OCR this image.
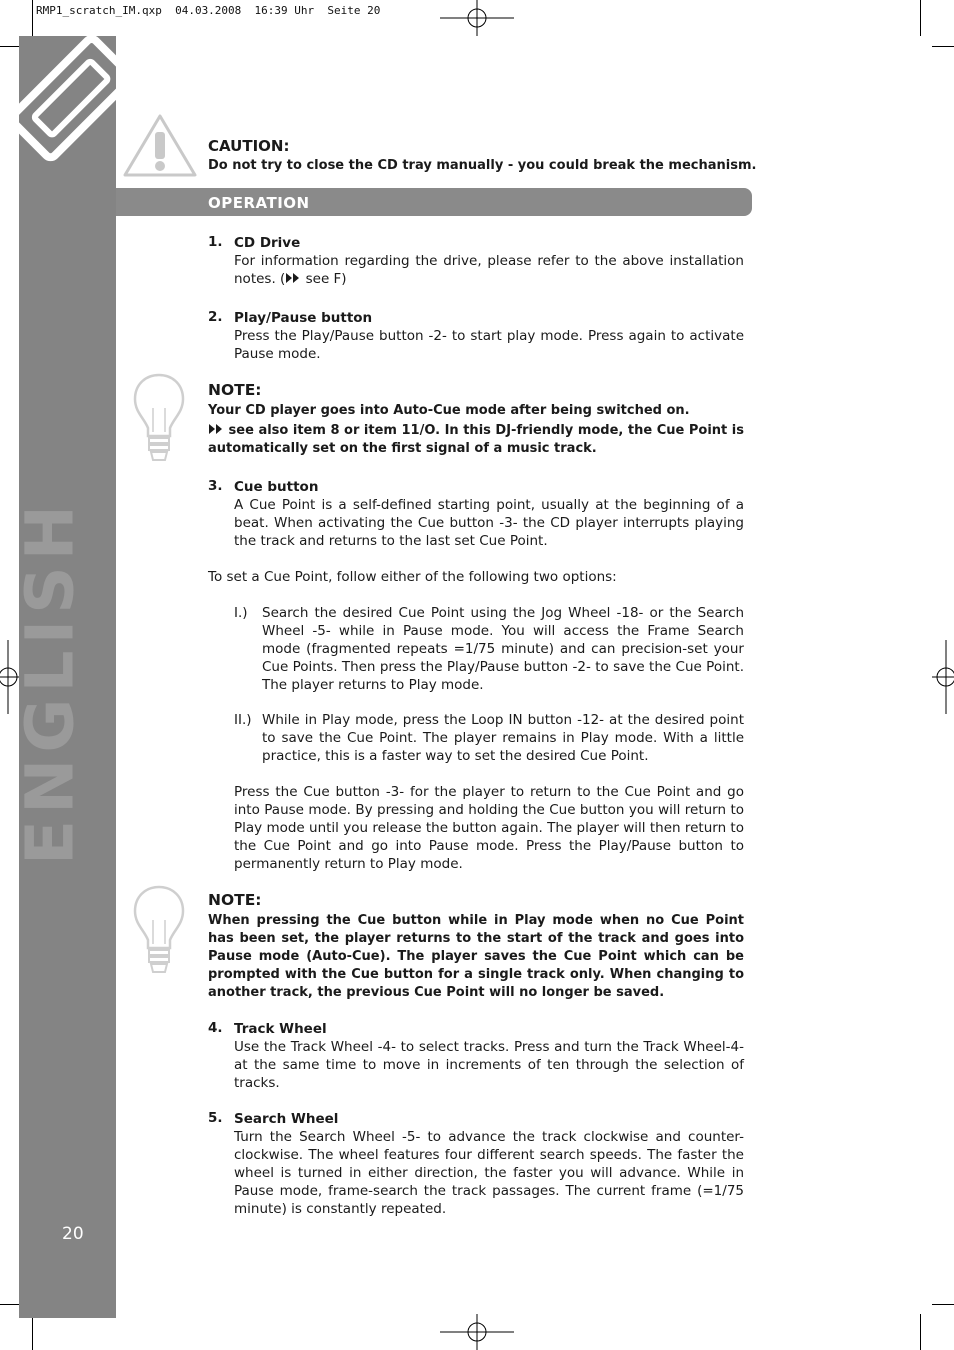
RMP1_scratch_IM.qxp  04.03.2008  16:39 Uhr  Seite 20
ENGLISH
20
CAUTION:
Do not try to close the CD tray manually - you could break the mechanism.
OPERATION
1. CD Drive
For information regarding the drive, please refer to the above installation notes. ( see F)
2. Play/Pause button
Press the Play/Pause button -2- to start play mode. Press again to activate Pause mode.
NOTE:
Your CD player goes into Auto-Cue mode after being switched on.
see also item 8 or item 11/O. In this DJ-friendly mode, the Cue Point is automatically set on the first signal of a music track.
3. Cue button
A Cue Point is a self-defined starting point, usually at the beginning of a beat. When activating the Cue button -3- the CD player interrupts playing the track and returns to the last set Cue Point.
To set a Cue Point, follow either of the following two options:
I.) Search the desired Cue Point using the Jog Wheel -18- or the Search Wheel -5- while in Pause mode. You will access the Frame Search mode (fragmented repeats =1/75 minute) and can precision-set your Cue Points. Then press the Play/Pause button -2- to save the Cue Point. The player returns to Play mode.
II.) While in Play mode, press the Loop IN button -12- at the desired point to save the Cue Point. The player remains in Play mode. With a little practice, this is a faster way to set the desired Cue Point.
Press the Cue button -3- for the player to return to the Cue Point and go into Pause mode. By pressing and holding the Cue button you will return to Play mode until you release the button again. The player will then return to the Cue Point and go into Pause mode. Press the Play/Pause button to permanently return to Play mode.
NOTE:
When pressing the Cue button while in Play mode when no Cue Point has been set, the player returns to the start of the track and goes into Pause mode (Auto-Cue). The player saves the Cue Point which can be prompted with the Cue button for a single track only. When changing to another track, the previous Cue Point will no longer be saved.
4. Track Wheel
Use the Track Wheel -4- to select tracks. Press and turn the Track Wheel-4- at the same time to move in increments of ten through the selection of tracks.
5. Search Wheel
Turn the Search Wheel -5- to advance the track clockwise and counter-clockwise. The wheel features four different search speeds. The faster the wheel is turned in either direction, the faster you will advance. While in Pause mode, frame-search the track passages. The current frame (=1/75 minute) is constantly repeated.
